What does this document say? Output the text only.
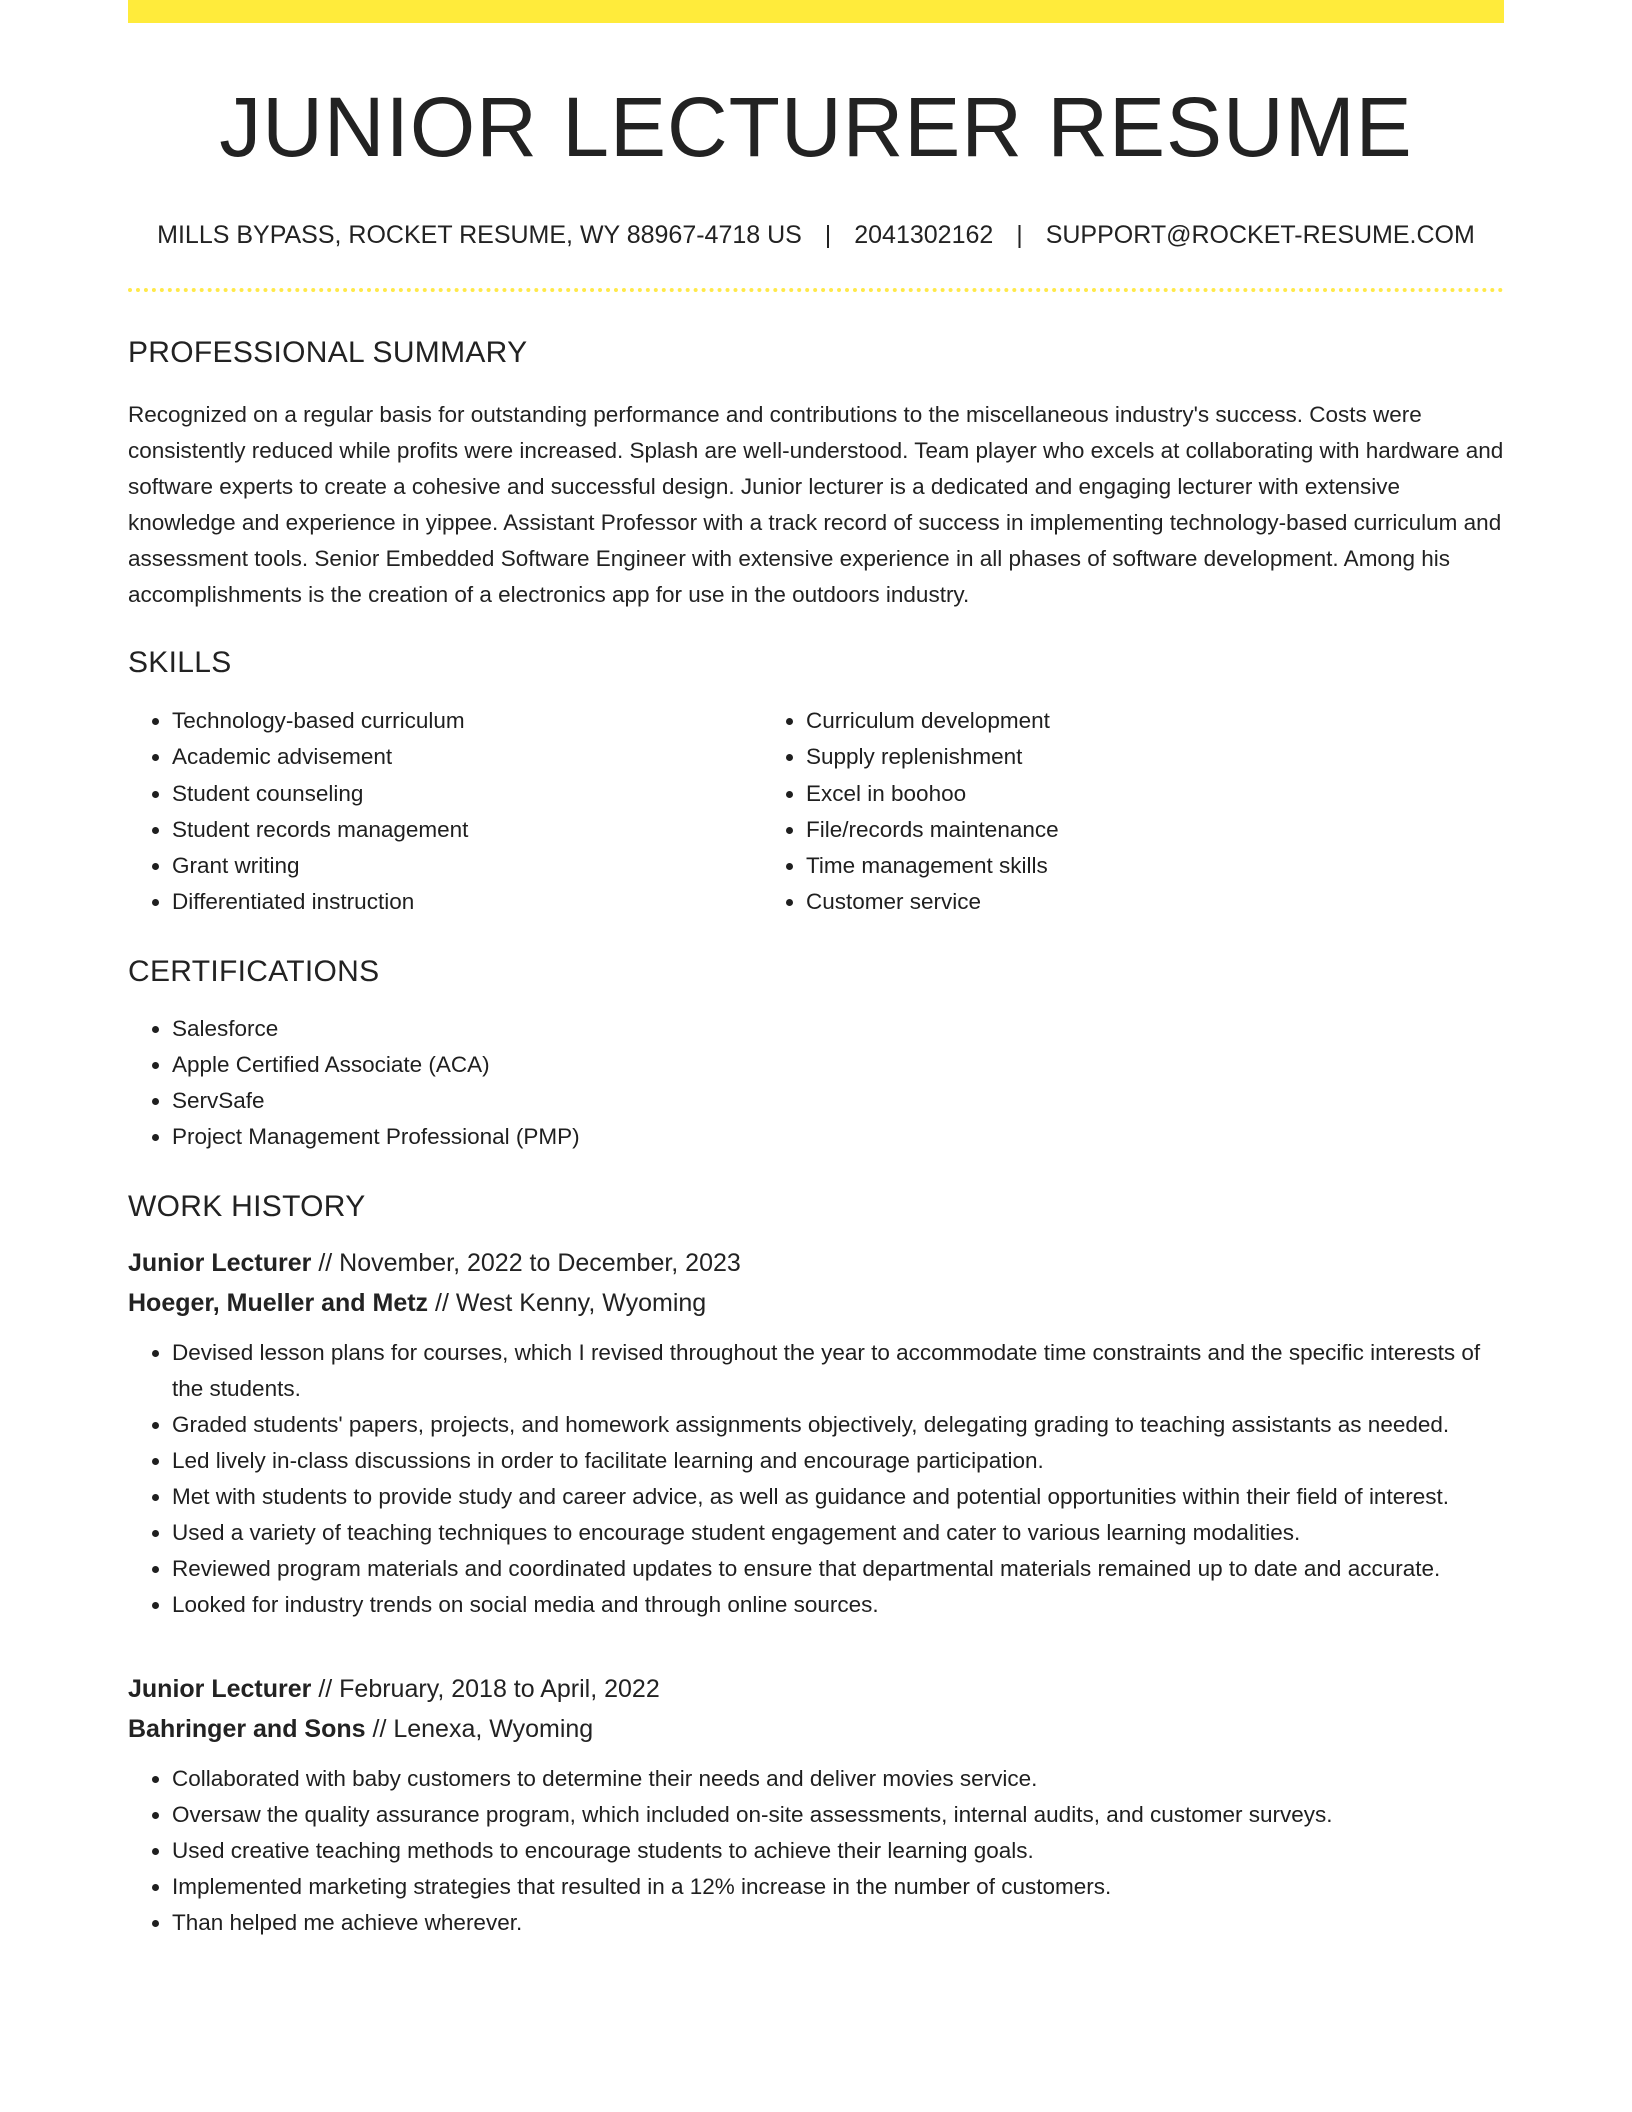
JUNIOR LECTURER RESUME
MILLS BYPASS, ROCKET RESUME, WY 88967-4718 US | 2041302162 | SUPPORT@ROCKET-RESUME.COM
PROFESSIONAL SUMMARY

Recognized on a regular basis for outstanding performance and contributions to the miscellaneous industry's success. Costs were consistently reduced while profits were increased. Splash are well-understood. Team player who excels at collaborating with hardware and software experts to create a cohesive and successful design. Junior lecturer is a dedicated and engaging lecturer with extensive knowledge and experience in yippee. Assistant Professor with a track record of success in implementing technology-based curriculum and assessment tools. Senior Embedded Software Engineer with extensive experience in all phases of software development. Among his accomplishments is the creation of a electronics app for use in the outdoors industry.

SKILLS
• Technology-based curriculum
• Academic advisement
• Student counseling
• Student records management
• Grant writing
• Differentiated instruction
• Curriculum development
• Supply replenishment
• Excel in boohoo
• File/records maintenance
• Time management skills
• Customer service
CERTIFICATIONS
• Salesforce
• Apple Certified Associate (ACA)
• ServSafe
• Project Management Professional (PMP)
WORK HISTORY
Junior Lecturer // November, 2022 to December, 2023
Hoeger, Mueller and Metz // West Kenny, Wyoming
• Devised lesson plans for courses, which I revised throughout the year to accommodate time constraints and the specific interests of the students.
• Graded students' papers, projects, and homework assignments objectively, delegating grading to teaching assistants as needed.
• Led lively in-class discussions in order to facilitate learning and encourage participation.
• Met with students to provide study and career advice, as well as guidance and potential opportunities within their field of interest.
• Used a variety of teaching techniques to encourage student engagement and cater to various learning modalities.
• Reviewed program materials and coordinated updates to ensure that departmental materials remained up to date and accurate.
• Looked for industry trends on social media and through online sources.
Junior Lecturer // February, 2018 to April, 2022
Bahringer and Sons // Lenexa, Wyoming
• Collaborated with baby customers to determine their needs and deliver movies service.
• Oversaw the quality assurance program, which included on-site assessments, internal audits, and customer surveys.
• Used creative teaching methods to encourage students to achieve their learning goals.
• Implemented marketing strategies that resulted in a 12% increase in the number of customers.
• Than helped me achieve wherever.
